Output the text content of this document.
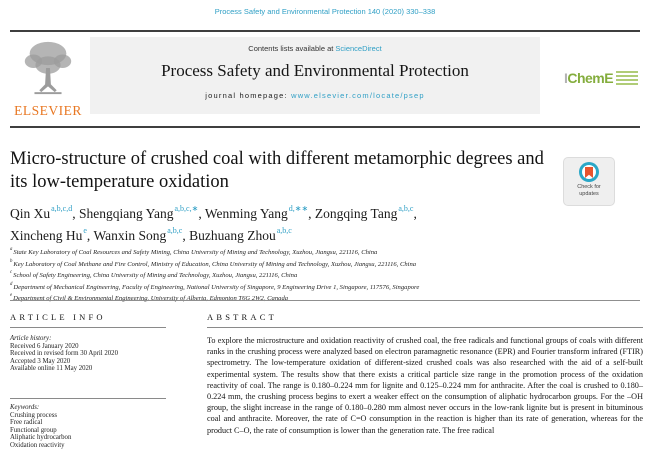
Process Safety and Environmental Protection 140 (2020) 330–338
ELSEVIER
Contents lists available at ScienceDirect
Process Safety and Environmental Protection
journal homepage: www.elsevier.com/locate/psep
IChemE
Micro-structure of crushed coal with different metamorphic degrees and its low-temperature oxidation	Check for
updates
Qin Xu$^{a,b,c,d}$, Shengqiang Yang$^{a,b,c,∗}$, Wenming Yang$^{d,∗∗}$, Zongqing Tang$^{a,b,c}$,
Xincheng Hu$^e$, Wanxin Song$^{a,b,c}$, Buzhuang Zhou$^{a,b,c}$
$^a$State Key Laboratory of Coal Resources and Safety Mining, China University of Mining and Technology, Xuzhou, Jiangsu, 221116, China
$^b$Key Laboratory of Coal Methane and Fire Control, Ministry of Education, China University of Mining and Technology, Xuzhou, Jiangsu, 221116, China
$^c$School of Safety Engineering, China University of Mining and Technology, Xuzhou, Jiangsu, 221116, China
$^d$Department of Mechanical Engineering, Faculty of Engineering, National University of Singapore, 9 Engineering Drive 1, Singapore, 117576, Singapore
$^e$Department of Civil & Environmental Engineering, University of Alberta, Edmonton T6G 2W2, Canada
ARTICLE INFO
Article history:
Received 6 January 2020
Received in revised form 30 April 2020
Accepted 3 May 2020
Available online 11 May 2020
Keywords:
Crushing process
Free radical
Functional group
Aliphatic hydrocarbon
Oxidation reactivity
ABSTRACT
To explore the microstructure and oxidation reactivity of crushed coal, the free radicals and functional groups of coals with different ranks in the crushing process were analyzed based on electron paramagnetic resonance (EPR) and Fourier transform infrared (FTIR) spectrometry. The low-temperature oxidation of different-sized crushed coals was also researched with the aid of a self-built experimental system. The results show that there exists a critical particle size range in the promotion process of the oxidation reactivity of coal. The range is 0.180–0.224 mm for lignite and 0.125–0.224 mm for anthracite. After the coal is crushed to 0.180–0.224 mm, the crushing process begins to exert a weaker effect on the consumption of aliphatic hydrocarbon groups. For the –OH group, the slight increase in the range of 0.180–0.280 mm almost never occurs in the low-rank lignite but is present in bituminous coal and anthracite. Moreover, the rate of C=O consumption in the reaction is higher than its rate of generation, whereas for the product C–O, the rate of consumption is lower than the generation rate. The free radical
